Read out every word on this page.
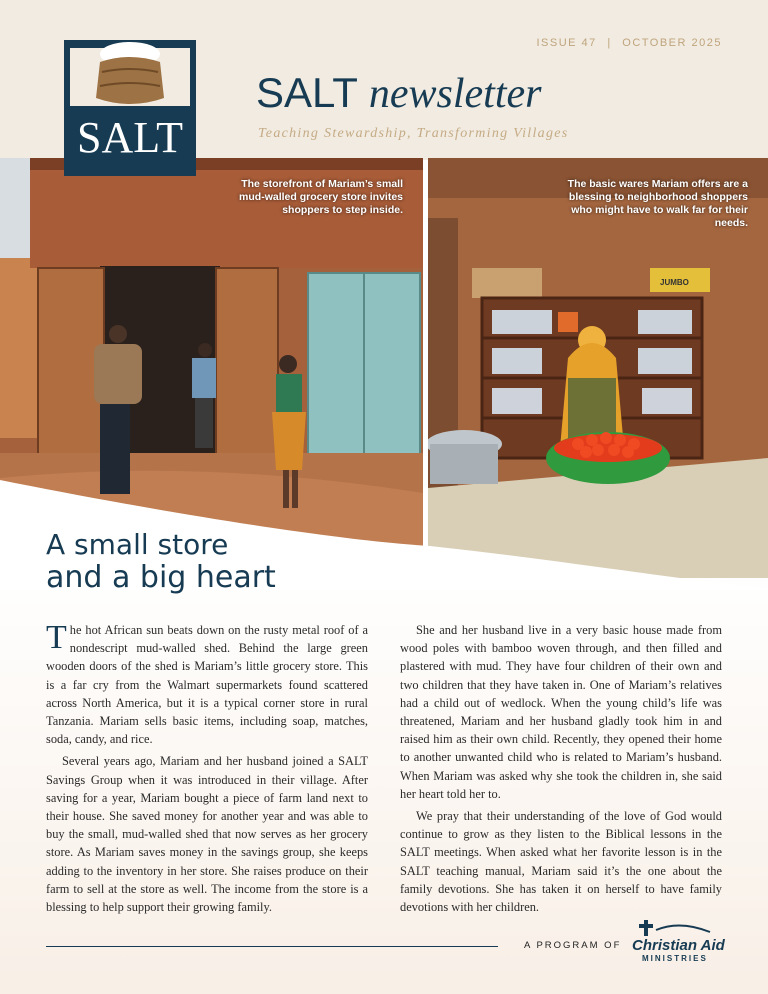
ISSUE 47 | OCTOBER 2025
SALT newsletter
Teaching Stewardship, Transforming Villages
The storefront of Mariam’s small mud-walled grocery store invites shoppers to step inside.
JUMBO
The basic wares Mariam offers are a blessing to neighborhood shoppers who might have to walk far for their needs.
SALT
A small store
and a big heart

The hot African sun beats down on the rusty metal roof of a nondescript mud-walled shed. Behind the large green wooden doors of the shed is Mariam’s little grocery store. This is a far cry from the Walmart supermarkets found scattered across North America, but it is a typical corner store in rural Tanzania. Mariam sells basic items, including soap, matches, soda, candy, and rice.

Several years ago, Mariam and her husband joined a SALT Savings Group when it was introduced in their village. After saving for a year, Mariam bought a piece of farm land next to their house. She saved money for another year and was able to buy the small, mud-walled shed that now serves as her grocery store. As Mariam saves money in the savings group, she keeps adding to the inventory in her store. She raises produce on their farm to sell at the store as well. The income from the store is a blessing to help support their growing family.

She and her husband live in a very basic house made from wood poles with bamboo woven through, and then filled and plastered with mud. They have four children of their own and two children that they have taken in. One of Mariam’s relatives had a child out of wedlock. When the young child’s life was threatened, Mariam and her husband gladly took him in and raised him as their own child. Recently, they opened their home to another unwanted child who is related to Mariam’s husband. When Mariam was asked why she took the children in, she said her heart told her to.

We pray that their understanding of the love of God would continue to grow as they listen to the Biblical lessons in the SALT meetings. When asked what her favorite lesson is in the SALT teaching manual, Mariam said it’s the one about the family devotions. She has taken it on herself to have family devotions with her children.

A PROGRAM OF Christian Aid
MINISTRIES
